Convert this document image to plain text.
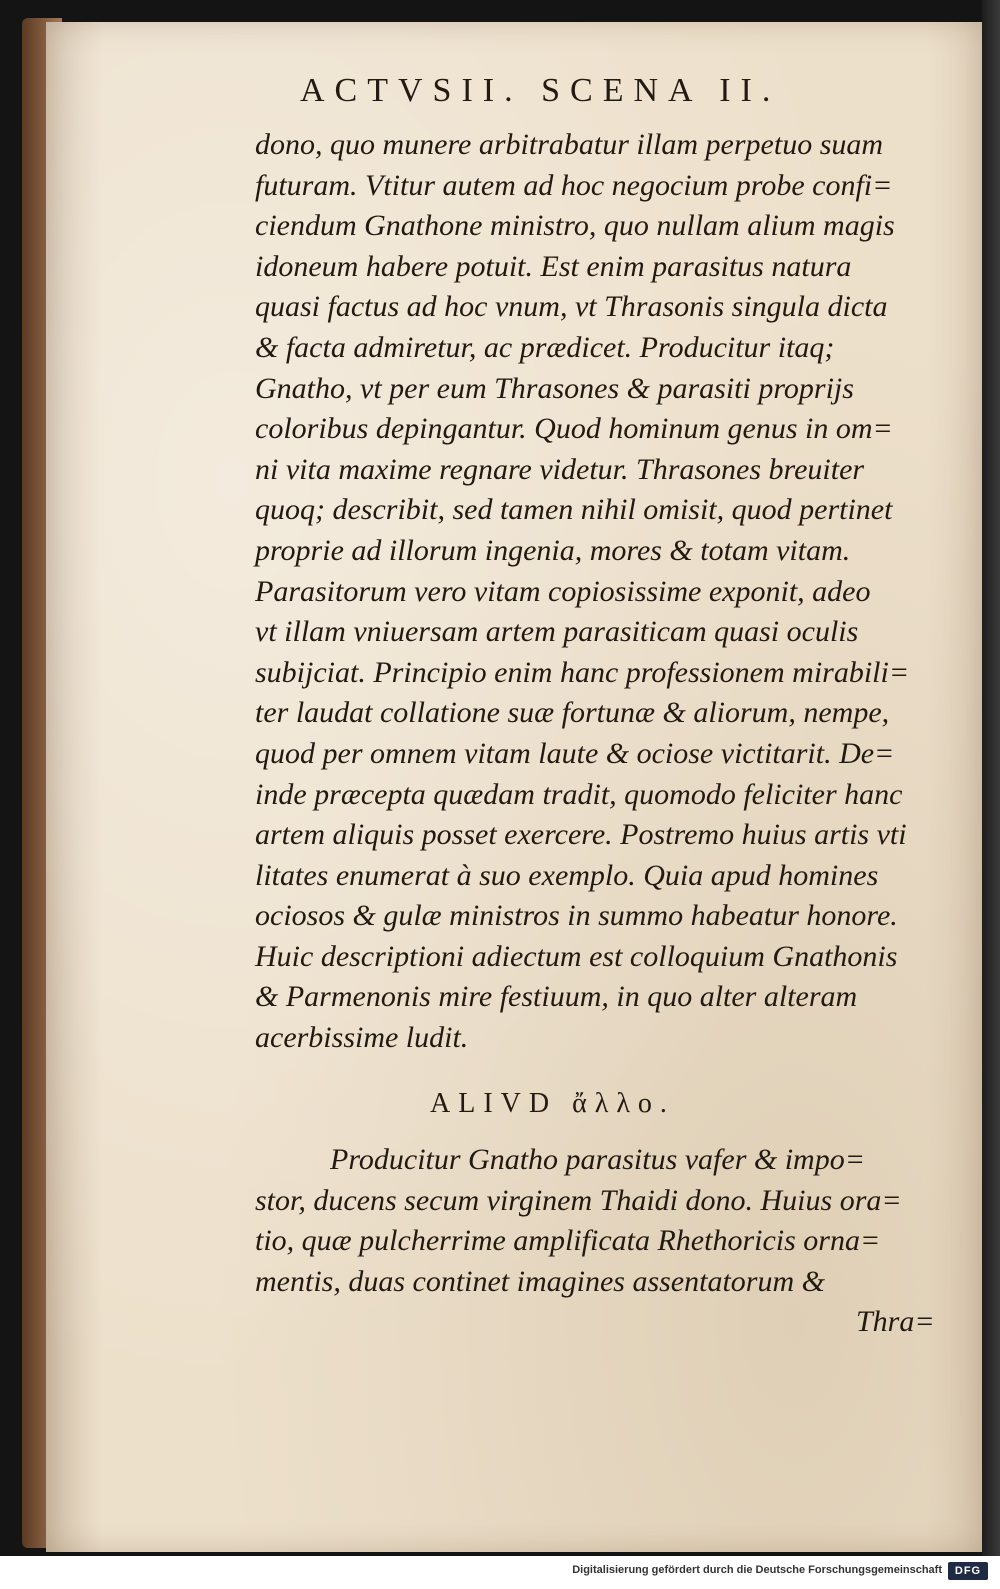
ACTVSII. SCENA II.
dono, quo munere arbitrabatur illam perpetuo suam
futuram. Vtitur autem ad hoc negocium probe confi=
ciendum Gnathone ministro, quo nullam alium magis
idoneum habere potuit. Est enim parasitus natura
quasi factus ad hoc vnum, vt Thrasonis singula dicta
& facta admiretur, ac prædicet. Producitur itaq;
Gnatho, vt per eum Thrasones & parasiti proprijs
coloribus depingantur. Quod hominum genus in om=
ni vita maxime regnare videtur. Thrasones breuiter
quoq; describit, sed tamen nihil omisit, quod pertinet
proprie ad illorum ingenia, mores & totam vitam.
Parasitorum vero vitam copiosissime exponit, adeo
vt illam vniuersam artem parasiticam quasi oculis
subijciat. Principio enim hanc professionem mirabili=
ter laudat collatione suæ fortunæ & aliorum, nempe,
quod per omnem vitam laute & ociose victitarit. De=
inde præcepta quædam tradit, quomodo feliciter hanc
artem aliquis posset exercere. Postremo huius artis vti
litates enumerat à suo exemplo. Quia apud homines
ociosos & gulæ ministros in summo habeatur honore.
Huic descriptioni adiectum est colloquium Gnathonis
& Parmenonis mire festiuum, in quo alter alteram
acerbissime ludit.
ALIVD ἄλλο.
Producitur Gnatho parasitus vafer & impo=
stor, ducens secum virginem Thaidi dono. Huius ora=
tio, quæ pulcherrime amplificata Rhethoricis orna=
mentis, duas continet imagines assentatorum &
Thra=
Digitalisierung gefördert durch die Deutsche Forschungsgemeinschaft	DFG
